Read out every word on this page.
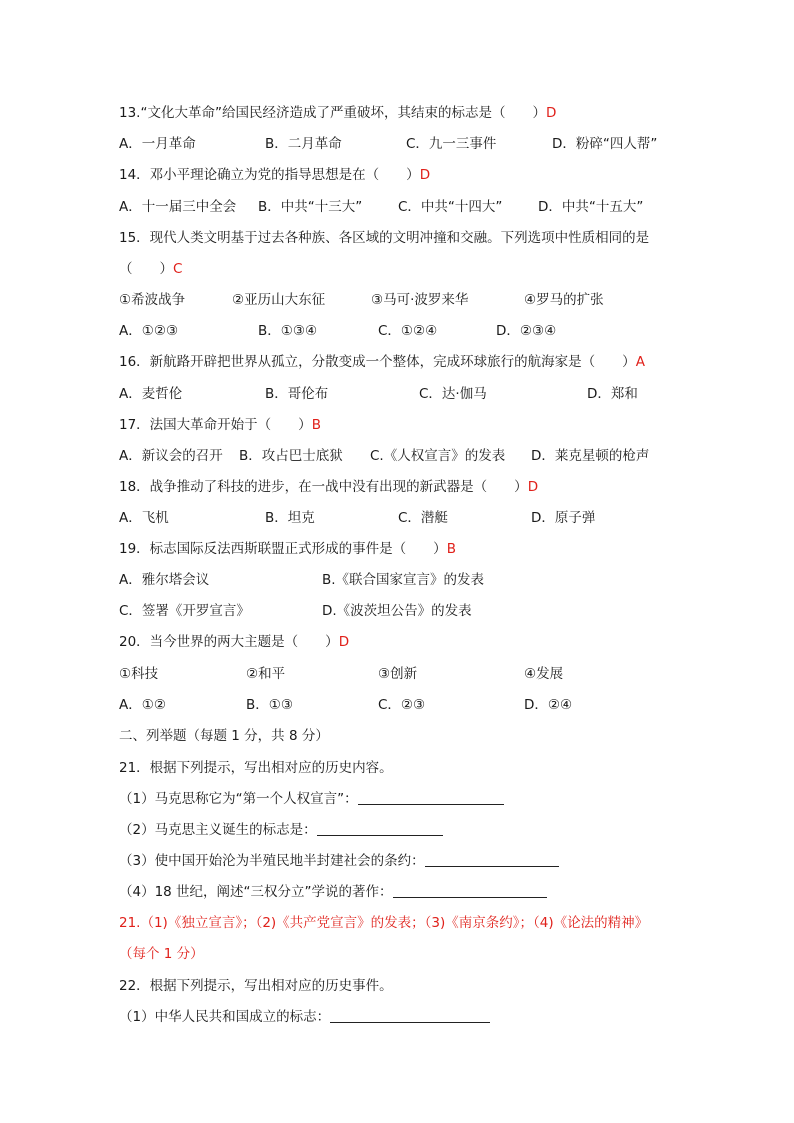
13.“文化大革命”给国民经济造成了严重破坏，其结束的标志是（　　）D
A．一月革命	B．二月革命	C．九一三事件	D．粉碎“四人帮”
14．邓小平理论确立为党的指导思想是在（　　）D
A．十一届三中全会 B．中共“十三大”	C．中共“十四大”	D．中共“十五大”
15．现代人类文明基于过去各种族、各区域的文明冲撞和交融。下列选项中性质相同的是
（　　）C
①希波战争	②亚历山大东征	③马可·波罗来华	④罗马的扩张
A．①②③	B．①③④	C．①②④	D．②③④
16．新航路开辟把世界从孤立，分散变成一个整体，完成环球旅行的航海家是（　　）A
A．麦哲伦	B．哥伦布	C．达·伽马	D．郑和
17．法国大革命开始于（　　）B
A．新议会的召开 B．攻占巴士底狱 C.《人权宣言》的发表 D．莱克星顿的枪声
18．战争推动了科技的进步，在一战中没有出现的新武器是（　　）D
A．飞机	B．坦克	C．潜艇	D．原子弹
19．标志国际反法西斯联盟正式形成的事件是（　　）B
A．雅尔塔会议	B.《联合国家宣言》的发表
C．签署《开罗宣言》	D.《波茨坦公告》的发表
20．当今世界的两大主题是（　　）D
①科技	②和平	③创新	④发展
A．①②	B．①③	C．②③	D．②④
二、列举题（每题 1 分，共 8 分）
21．根据下列提示，写出相对应的历史内容。
（1）马克思称它为“第一个人权宣言”：
（2）马克思主义诞生的标志是：
（3）使中国开始沦为半殖民地半封建社会的条约：
（4）18 世纪，阐述“三权分立”学说的著作：
21.（1)《独立宣言》；（2)《共产党宣言》的发表；（3)《南京条约》；（4)《论法的精神》
（每个 1 分）
22．根据下列提示，写出相对应的历史事件。
（1）中华人民共和国成立的标志：
